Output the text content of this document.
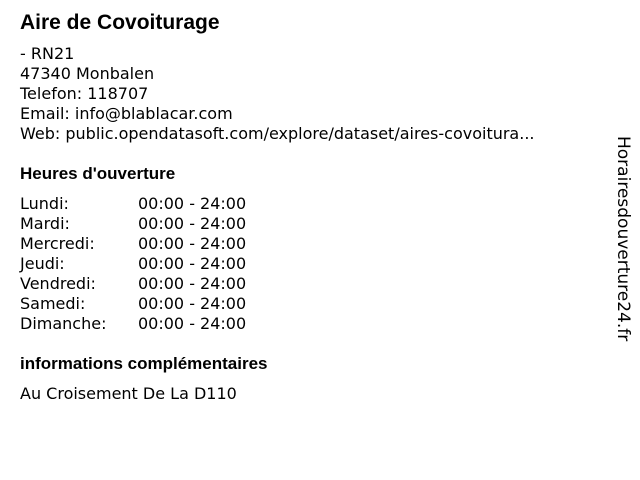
Aire de Covoiturage
- RN21
47340 Monbalen
Telefon: 118707
Email: info@blablacar.com
Web: public.opendatasoft.com/explore/dataset/aires-covoitura...
Heures d'ouverture
Lundi:	00:00 - 24:00
Mardi:	00:00 - 24:00
Mercredi:	00:00 - 24:00
Jeudi:	00:00 - 24:00
Vendredi:	00:00 - 24:00
Samedi:	00:00 - 24:00
Dimanche: 00:00 - 24:00
informations complémentaires
Au Croisement De La D110
Horairesdouverture24.fr
